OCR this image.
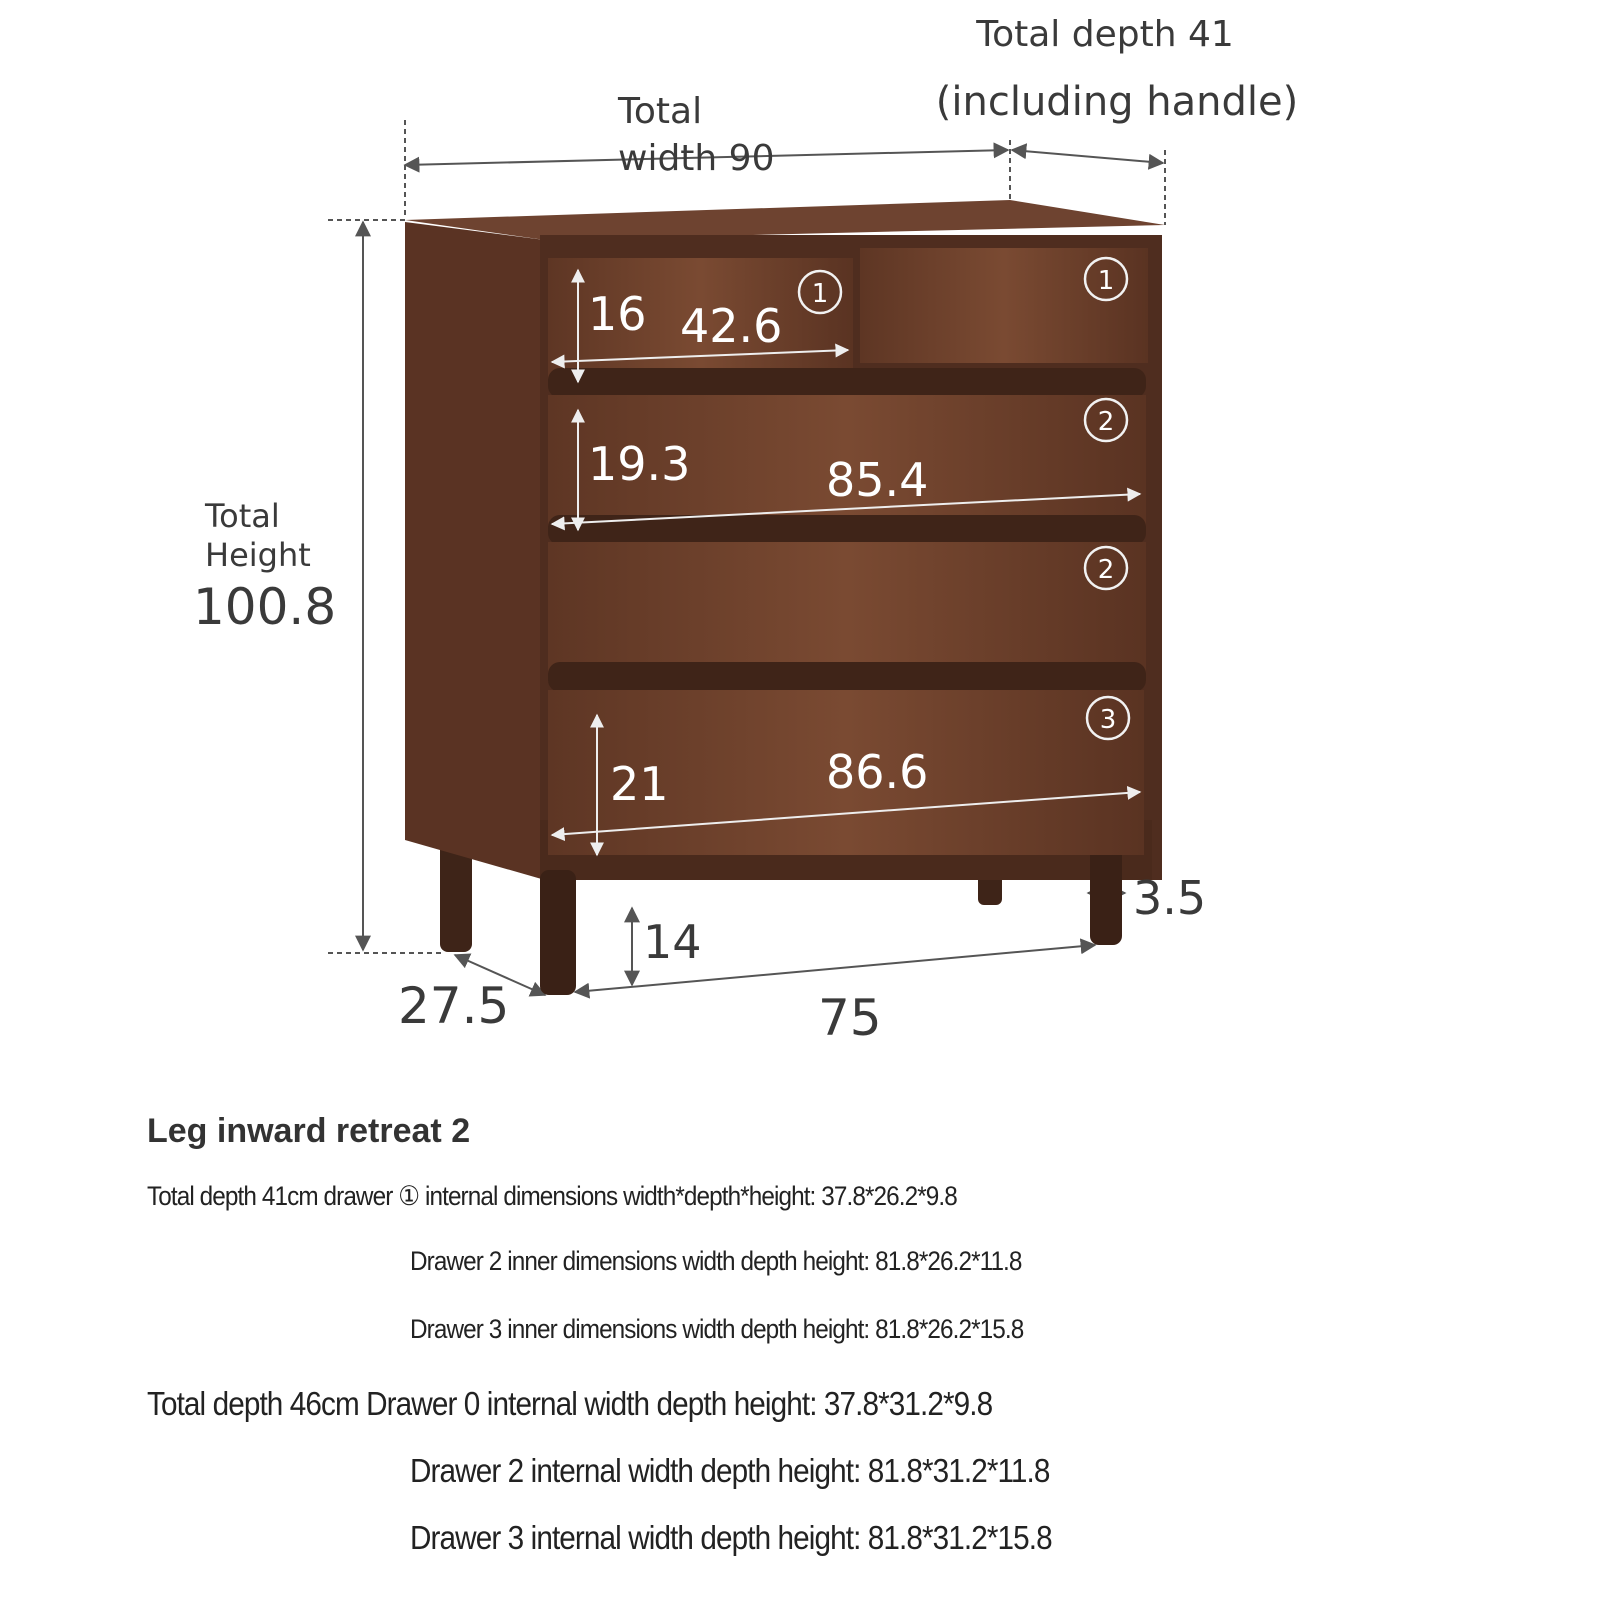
1	1
2
2
3
Total depth 41
(including handle)
Total
width 90
Total
Height
100.8
16 42.6
19.3	85.4
21	86.6
3.5
14
27.5	75
Leg inward retreat 2
Total depth 41cm drawer ① internal dimensions width*depth*height: 37.8*26.2*9.8
Drawer 2 inner dimensions width depth height: 81.8*26.2*11.8
Drawer 3 inner dimensions width depth height: 81.8*26.2*15.8
Total depth 46cm Drawer 0 internal width depth height: 37.8*31.2*9.8
Drawer 2 internal width depth height: 81.8*31.2*11.8
Drawer 3 internal width depth height: 81.8*31.2*15.8
